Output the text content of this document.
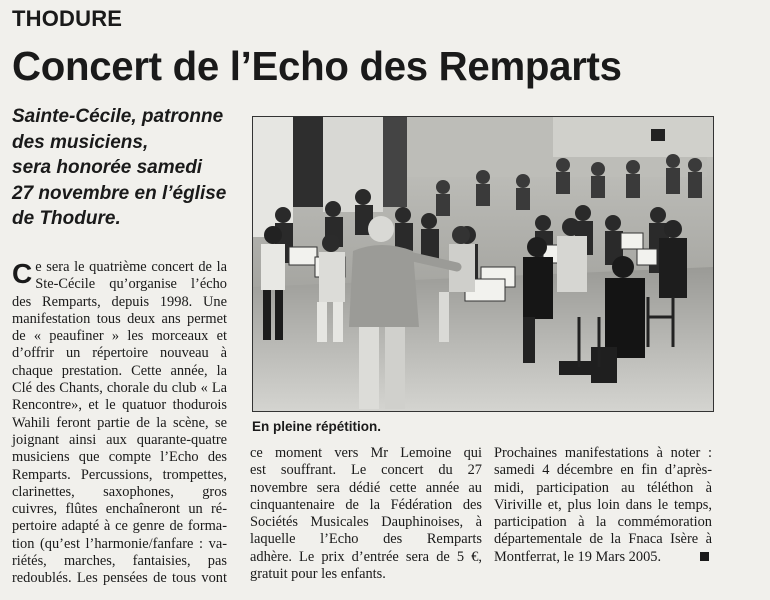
THODURE
Concert de l’Echo des Remparts
Sainte-Cécile, patronne
des musiciens,
sera honorée samedi
27 novembre en l’église
de Thodure.
En pleine répétition.
C e sera le quatrième concert de la
Ste-Cécile qu’organise l’écho
des Remparts, depuis 1998. Une
manifestation tous deux ans permet
de « peaufiner » les morceaux et
d’offrir un répertoire nouveau à
chaque prestation. Cette année, la
Clé des Chants, chorale du club « La
Rencontre», et le quatuor thodurois
Wahili feront partie de la scène, se
joignant ainsi aux quarante-quatre
musiciens que compte l’Echo des
Remparts. Percussions, trompettes,
clarinettes, saxophones, gros
cuivres, flûtes enchaîneront un ré-
pertoire adapté à ce genre de forma-
tion (qu’est l’harmonie/fanfare : va-
riétés, marches, fantaisies, pas
redoublés. Les pensées de tous vont
ce moment vers Mr Lemoine qui
est souffrant. Le concert du 27
novembre sera dédié cette année au
cinquantenaire de la Fédération des
Sociétés Musicales Dauphinoises, à
laquelle l’Echo des Remparts
adhère. Le prix d’entrée sera de 5 €,
gratuit pour les enfants.
Prochaines manifestations à noter :
samedi 4 décembre en fin d’après-
midi, participation au téléthon à
Viriville et, plus loin dans le temps,
participation à la commémoration
départementale de la Fnaca Isère à
Montferrat, le 19 Mars 2005.
